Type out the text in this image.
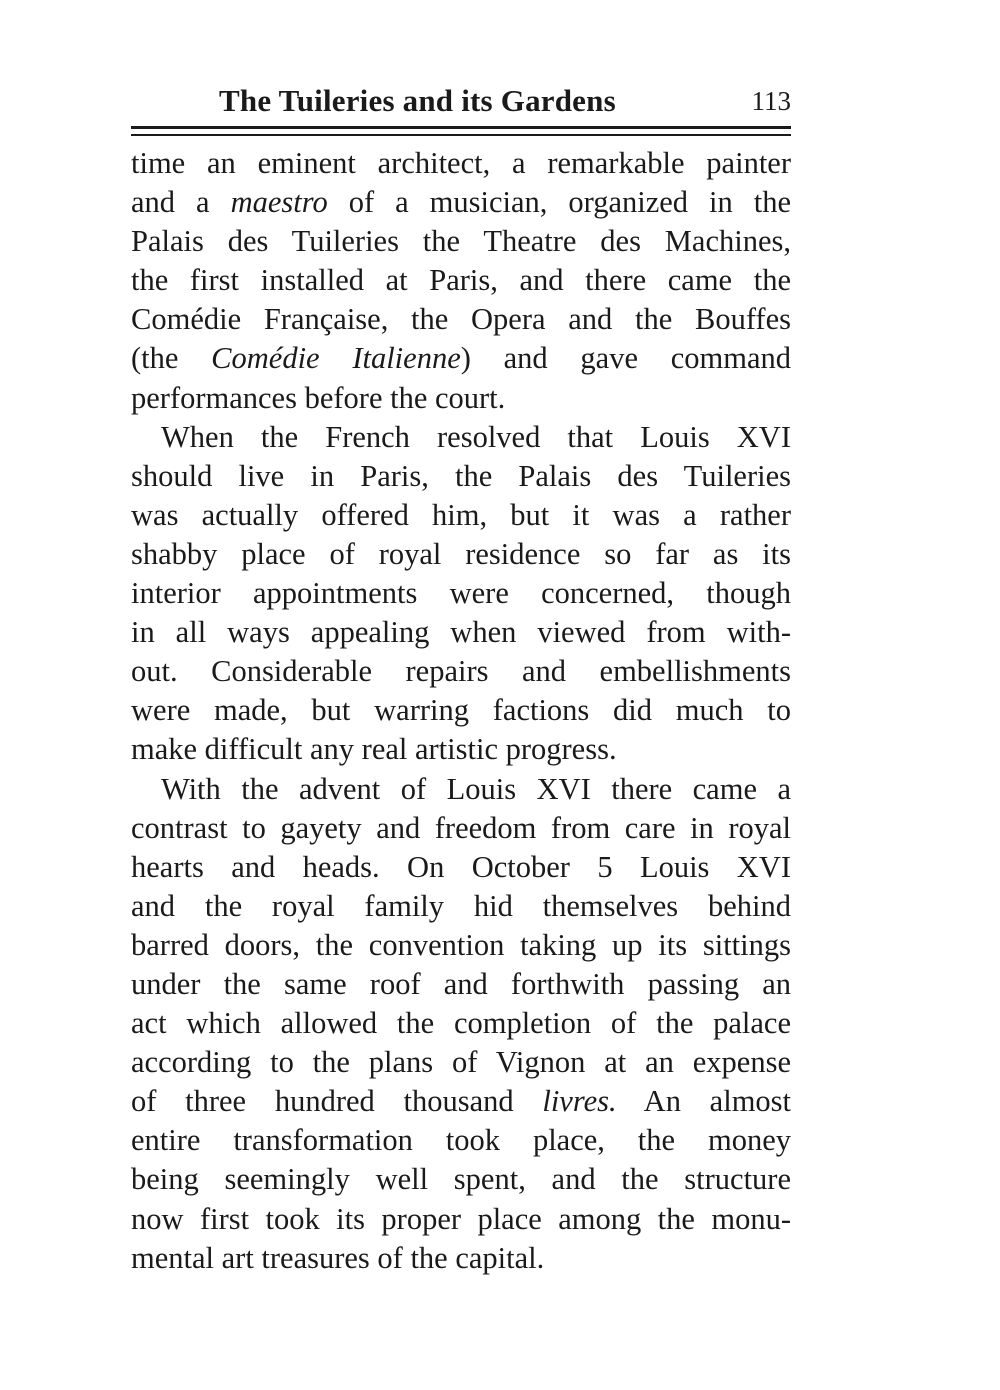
The Tuileries and its Gardens	113

time an eminent architect, a remarkable painter
and a maestro of a musician, organized in the
Palais des Tuileries the Theatre des Machines,
the first installed at Paris, and there came the
Comédie Française, the Opera and the Bouffes
(the Comédie Italienne) and gave command
performances before the court.

When the French resolved that Louis XVI
should live in Paris, the Palais des Tuileries
was actually offered him, but it was a rather
shabby place of royal residence so far as its
interior appointments were concerned, though
in all ways appealing when viewed from with-
out. Considerable repairs and embellishments
were made, but warring factions did much to
make difficult any real artistic progress.

With the advent of Louis XVI there came a
contrast to gayety and freedom from care in royal
hearts and heads. On October 5 Louis XVI
and the royal family hid themselves behind
barred doors, the convention taking up its sittings
under the same roof and forthwith passing an
act which allowed the completion of the palace
according to the plans of Vignon at an expense
of three hundred thousand livres. An almost
entire transformation took place, the money
being seemingly well spent, and the structure
now first took its proper place among the monu-
mental art treasures of the capital.
